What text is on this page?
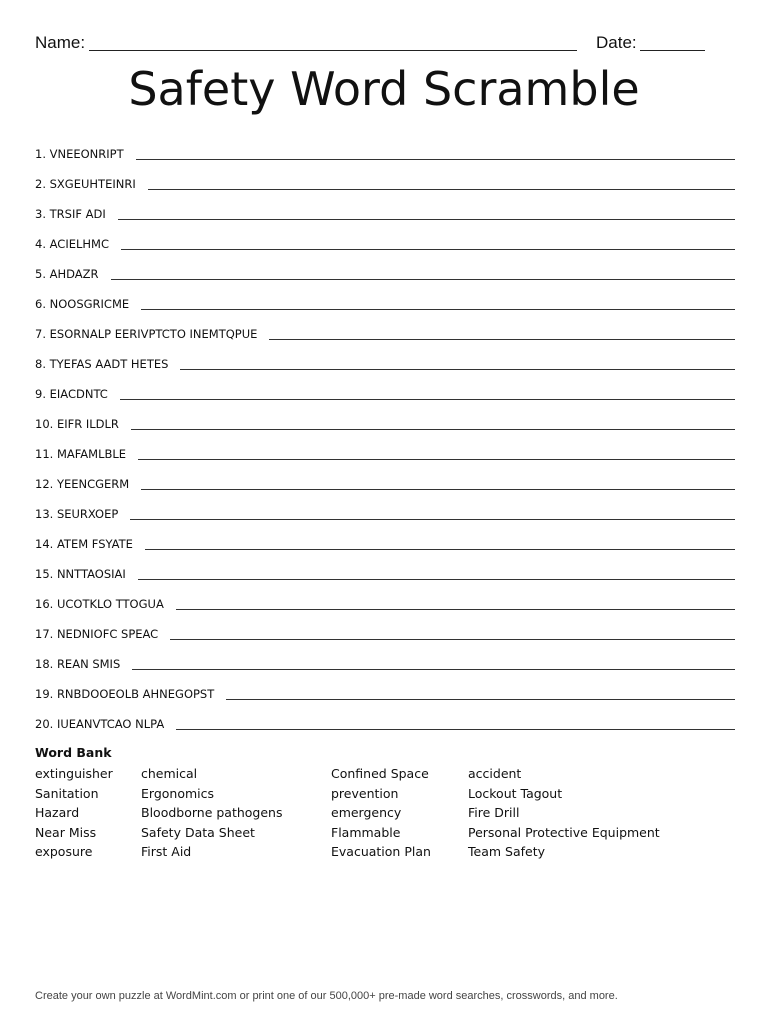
Name:	Date:
Safety Word Scramble
1. VNEEONRIPT
2. SXGEUHTEINRI
3. TRSIF ADI
4. ACIELHMC
5. AHDAZR
6. NOOSGRICME
7. ESORNALP EERIVPTCTO INEMTQPUE
8. TYEFAS AADT HETES
9. EIACDNTC
10. EIFR ILDLR
11. MAFAMLBLE
12. YEENCGERM
13. SEURXOEP
14. ATEM FSYATE
15. NNTTAOSIAI
16. UCOTKLO TTOGUA
17. NEDNIOFC SPEAC
18. REAN SMIS
19. RNBDOOEOLB AHNEGOPST
20. IUEANVTCAO NLPA
Word Bank
extinguisher
Sanitation
Hazard
Near Miss
exposure
chemical
Ergonomics
Bloodborne pathogens
Safety Data Sheet
First Aid
Confined Space
prevention
emergency
Flammable
Evacuation Plan
accident
Lockout Tagout
Fire Drill
Personal Protective Equipment
Team Safety
Create your own puzzle at WordMint.com or print one of our 500,000+ pre-made word searches, crosswords, and more.
